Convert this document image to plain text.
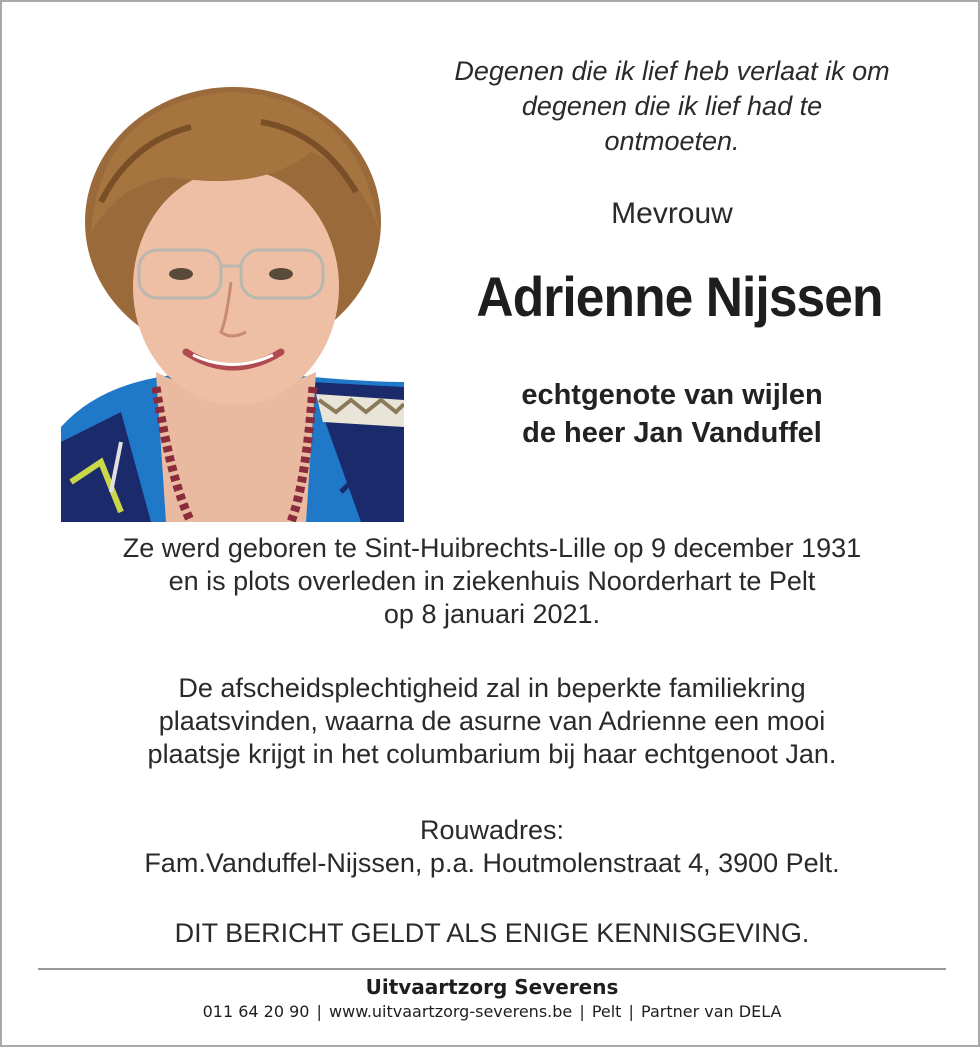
Degenen die ik lief heb verlaat ik om
degenen die ik lief had te
ontmoeten.
Mevrouw
Adrienne Nijssen
echtgenote van wijlen
de heer Jan Vanduffel
Ze werd geboren te Sint-Huibrechts-Lille op 9 december 1931
en is plots overleden in ziekenhuis Noorderhart te Pelt
op 8 januari 2021.
De afscheidsplechtigheid zal in beperkte familiekring
plaatsvinden, waarna de asurne van Adrienne een mooi
plaatsje krijgt in het columbarium bij haar echtgenoot Jan.
Rouwadres:
Fam.Vanduffel-Nijssen, p.a. Houtmolenstraat 4, 3900 Pelt.
DIT BERICHT GELDT ALS ENIGE KENNISGEVING.
Uitvaartzorg Severens
011 64 20 90 | www.uitvaartzorg-severens.be | Pelt | Partner van DELA
